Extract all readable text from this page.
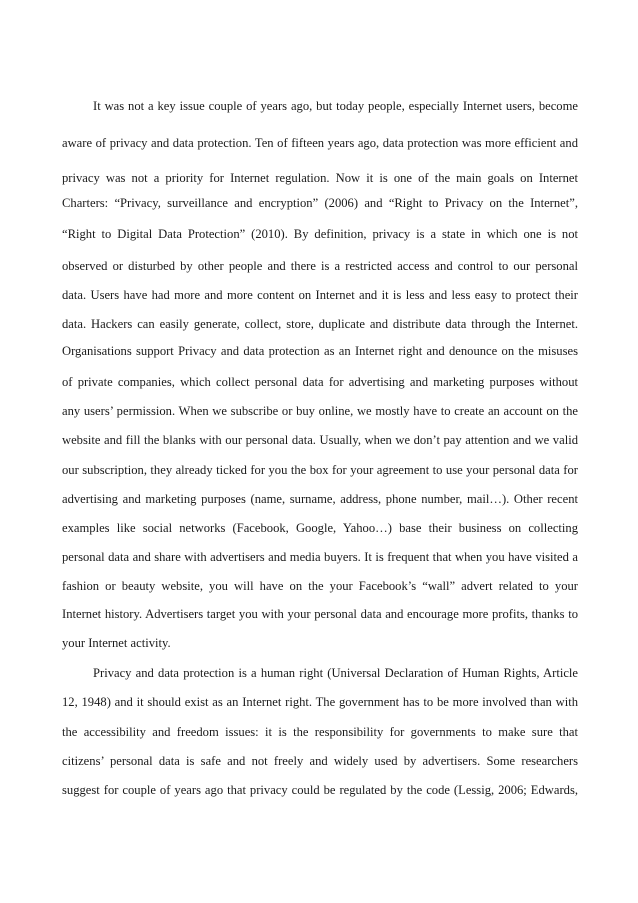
It was not a key issue couple of years ago, but today people, especially Internet users, become
aware of privacy and data protection. Ten of fifteen years ago, data protection was more efficient and
privacy was not a priority for Internet regulation. Now it is one of the main goals on Internet
Charters: “Privacy, surveillance and encryption” (2006) and “Right to Privacy on the Internet”,
“Right to Digital Data Protection” (2010). By definition, privacy is a state in which one is not
observed or disturbed by other people and there is a restricted access and control to our personal
data. Users have had more and more content on Internet and it is less and less easy to protect their
data. Hackers can easily generate, collect, store, duplicate and distribute data through the Internet.
Organisations support Privacy and data protection as an Internet right and denounce on the misuses
of private companies, which collect personal data for advertising and marketing purposes without
any users’ permission. When we subscribe or buy online, we mostly have to create an account on the
website and fill the blanks with our personal data. Usually, when we don’t pay attention and we valid
our subscription, they already ticked for you the box for your agreement to use your personal data for
advertising and marketing purposes (name, surname, address, phone number, mail…). Other recent
examples like social networks (Facebook, Google, Yahoo…) base their business on collecting
personal data and share with advertisers and media buyers. It is frequent that when you have visited a
fashion or beauty website, you will have on the your Facebook’s “wall” advert related to your
Internet history. Advertisers target you with your personal data and encourage more profits, thanks to
your Internet activity.
Privacy and data protection is a human right (Universal Declaration of Human Rights, Article
12, 1948) and it should exist as an Internet right. The government has to be more involved than with
the accessibility and freedom issues: it is the responsibility for governments to make sure that
citizens’ personal data is safe and not freely and widely used by advertisers. Some researchers
suggest for couple of years ago that privacy could be regulated by the code (Lessig, 2006; Edwards,
